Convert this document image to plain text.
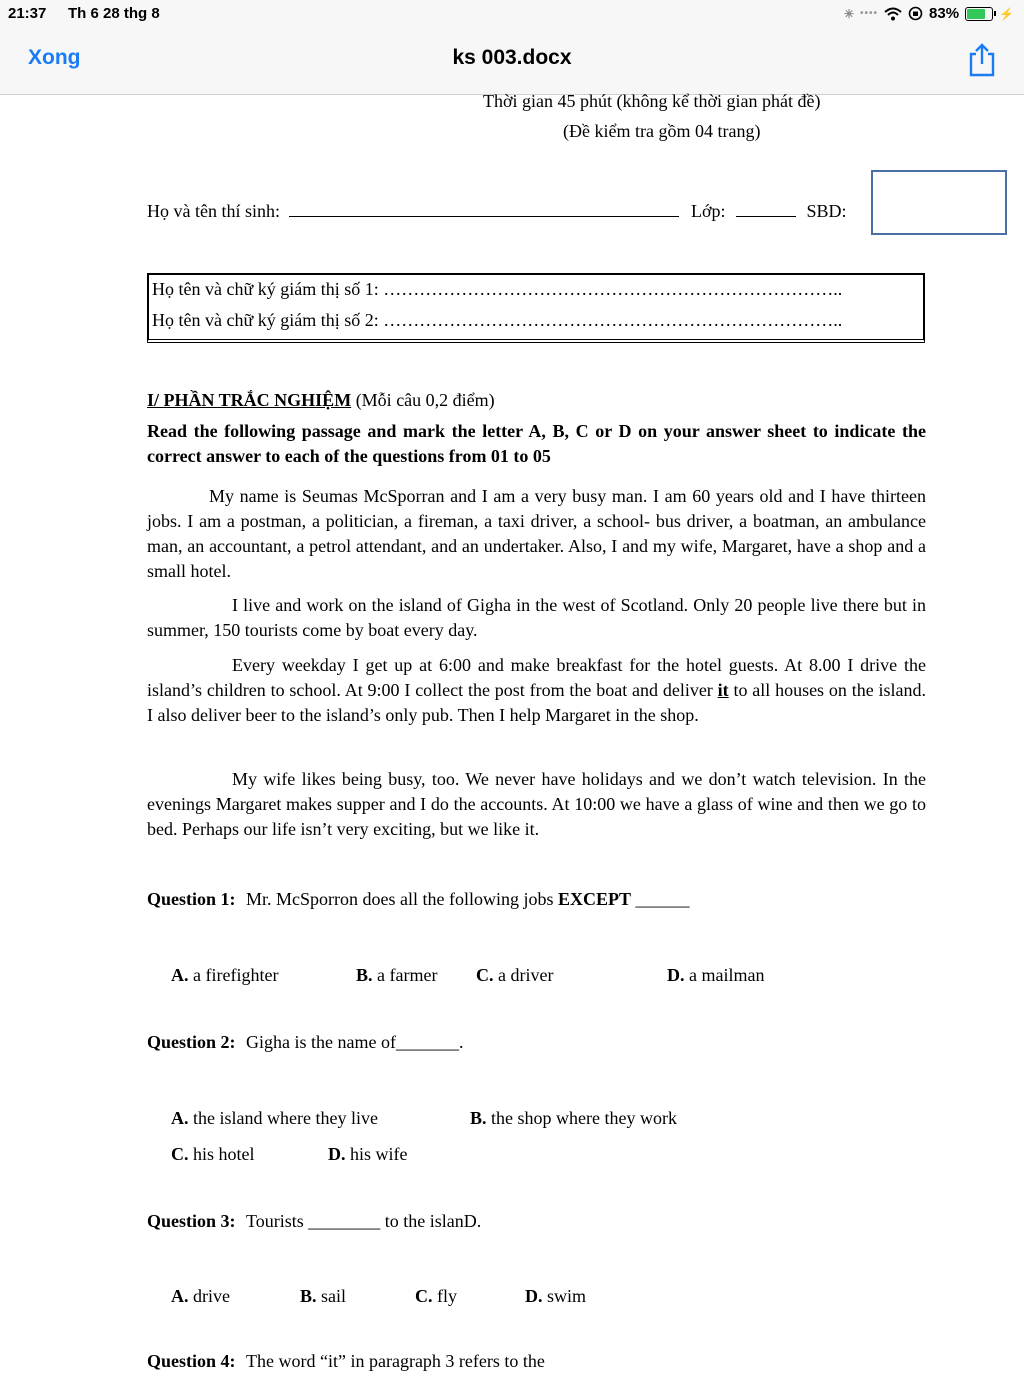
21:37 Th 6 28 thg 8	✳ ••••	83%	⚡
Xong	ks 003.docx
Thời gian 45 phút (không kể thời gian phát đề)
(Đề kiểm tra gồm 04 trang)
Họ và tên thí sinh:	Lớp:	SBD:
Họ tên và chữ ký giám thị số 1: …………………………………………………………………..
Họ tên và chữ ký giám thị số 2: …………………………………………………………………..
I/ PHẦN TRẮC NGHIỆM (Mỗi câu 0,2 điểm)
Read the following passage and mark the letter A, B, C or D on your answer sheet to indicate the correct answer to each of the questions from 01 to 05
My name is Seumas McSporran and I am a very busy man. I am 60 years old and I have thirteen jobs. I am a postman, a politician, a fireman, a taxi driver, a school- bus driver, a boatman, an ambulance man, an accountant, a petrol attendant, and an undertaker. Also, I and my wife, Margaret, have a shop and a small hotel.
I live and work on the island of Gigha in the west of Scotland. Only 20 people live there but in summer, 150 tourists come by boat every day.
Every weekday I get up at 6:00 and make breakfast for the hotel guests. At 8.00 I drive the island’s children to school. At 9:00 I collect the post from the boat and deliver it to all houses on the island. I also deliver beer to the island’s only pub. Then I help Margaret in the shop.
My wife likes being busy, too. We never have holidays and we don’t watch television. In the evenings Margaret makes supper and I do the accounts. At 10:00 we have a glass of wine and then we go to bed. Perhaps our life isn’t very exciting, but we like it.
Question 1: Mr. McSporron does all the following jobs EXCEPT ______
A. a firefighter	B. a farmer C. a driver	D. a mailman
Question 2: Gigha is the name of_______.
A. the island where they live	B. the shop where they work
C. his hotel	D. his wife
Question 3: Tourists ________ to the islanD.
A. drive	B. sail	C. fly	D. swim
Question 4: The word “it” in paragraph 3 refers to the
